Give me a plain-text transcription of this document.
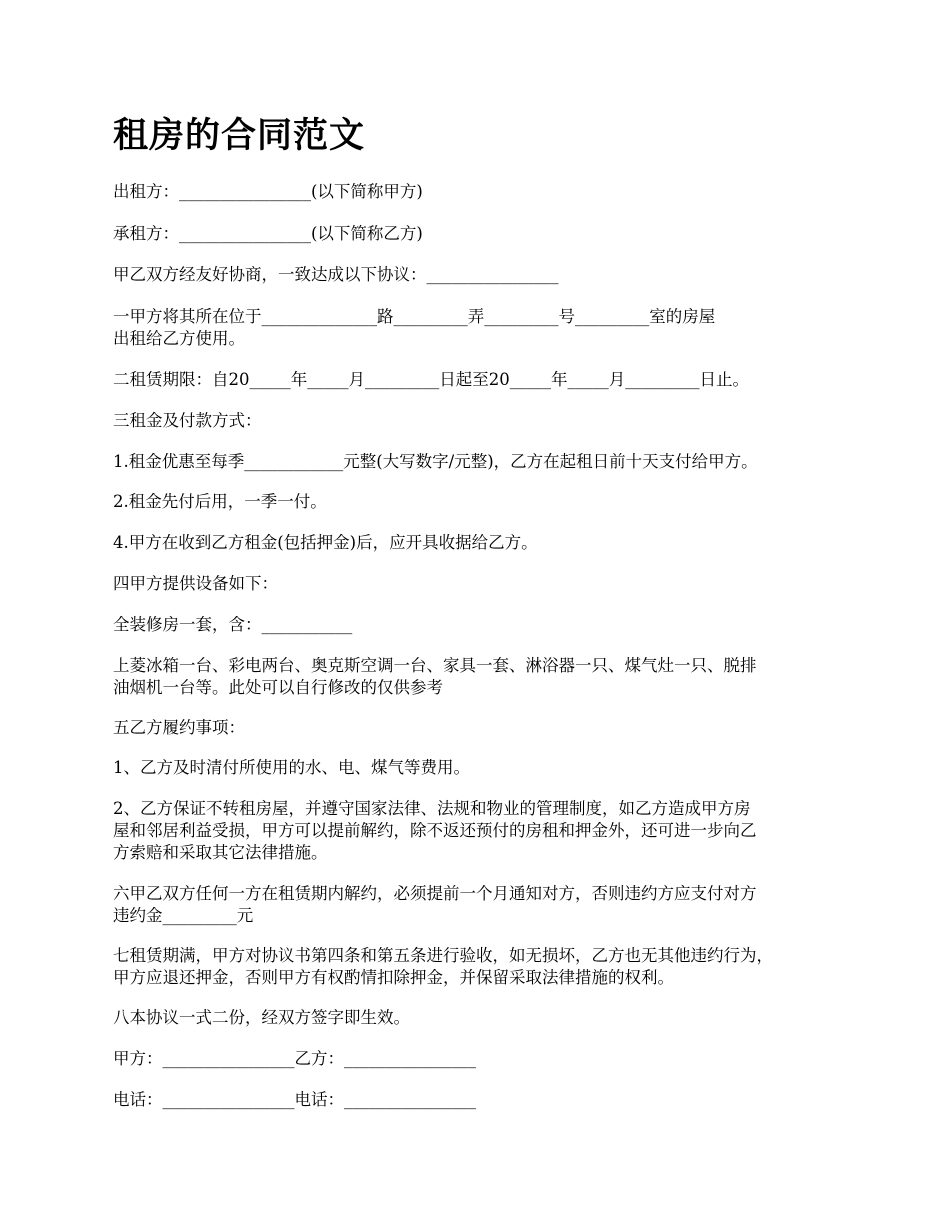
租房的合同范文
出租方：________________(以下简称甲方)
承租方：________________(以下简称乙方)
甲乙双方经友好协商，一致达成以下协议：________________
一甲方将其所在位于______________路_________弄_________号_________室的房屋
出租给乙方使用。
二租赁期限：自20_____年_____月_________日起至20_____年_____月_________日止。
三租金及付款方式：
1.租金优惠至每季____________元整(大写数字/元整)，乙方在起租日前十天支付给甲方。
2.租金先付后用，一季一付。
4.甲方在收到乙方租金(包括押金)后，应开具收据给乙方。
四甲方提供设备如下：
全装修房一套，含：___________
上菱冰箱一台、彩电两台、奥克斯空调一台、家具一套、淋浴器一只、煤气灶一只、脱排
油烟机一台等。此处可以自行修改的仅供参考
五乙方履约事项：
1、乙方及时清付所使用的水、电、煤气等费用。
2、乙方保证不转租房屋，并遵守国家法律、法规和物业的管理制度，如乙方造成甲方房
屋和邻居利益受损，甲方可以提前解约，除不返还预付的房租和押金外，还可进一步向乙
方索赔和采取其它法律措施。
六甲乙双方任何一方在租赁期内解约，必须提前一个月通知对方，否则违约方应支付对方
违约金_________元
七租赁期满，甲方对协议书第四条和第五条进行验收，如无损坏，乙方也无其他违约行为，
甲方应退还押金，否则甲方有权酌情扣除押金，并保留采取法律措施的权利。
八本协议一式二份，经双方签字即生效。
甲方：________________乙方：________________
电话：________________电话：________________
